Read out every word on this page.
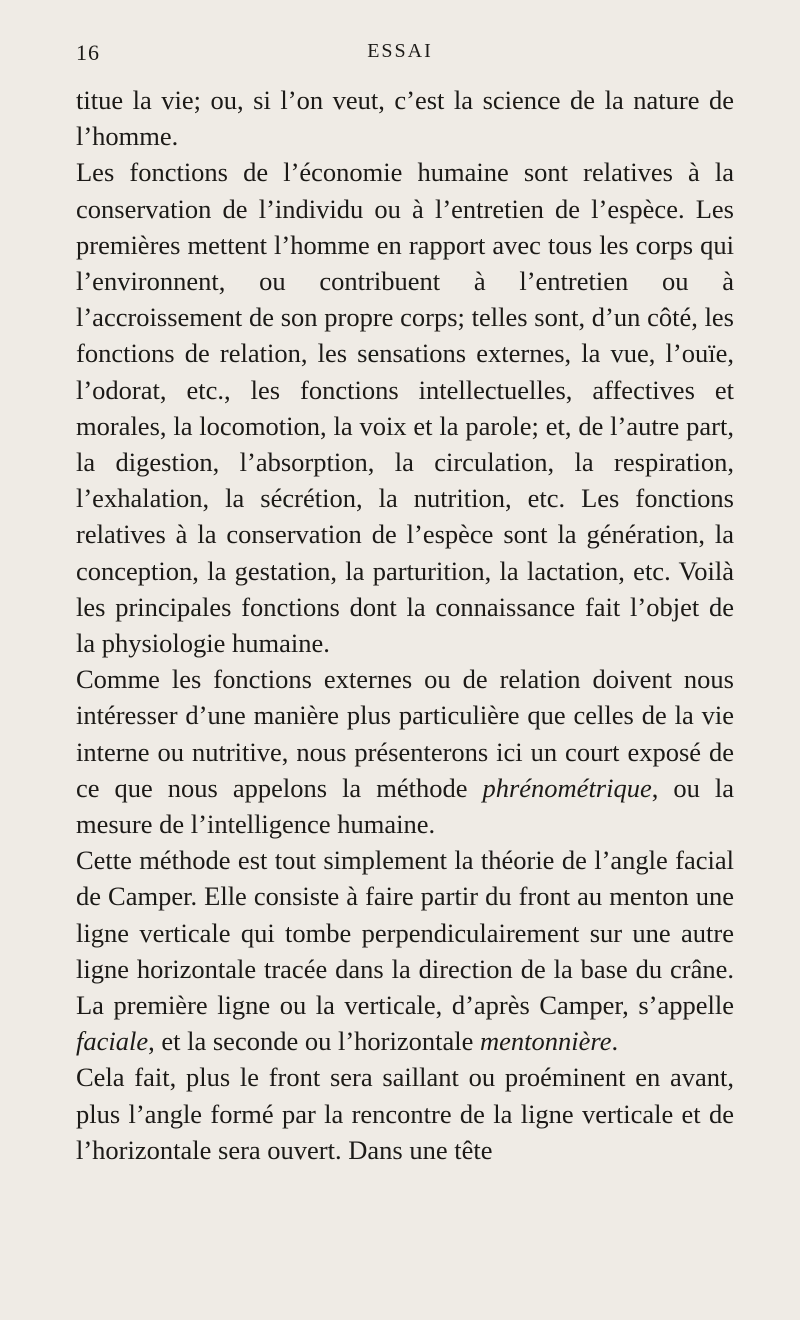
16	ESSAI

titue la vie; ou, si l’on veut, c’est la science de la nature de l’homme.

Les fonctions de l’économie humaine sont relatives à la conservation de l’individu ou à l’entretien de l’espèce. Les premières mettent l’homme en rapport avec tous les corps qui l’environnent, ou contribuent à l’entretien ou à l’accroissement de son propre corps; telles sont, d’un côté, les fonctions de relation, les sensations externes, la vue, l’ouïe, l’odorat, etc., les fonctions intellectuelles, affectives et morales, la locomotion, la voix et la parole; et, de l’autre part, la digestion, l’absorption, la circulation, la respiration, l’exhalation, la sécrétion, la nutrition, etc. Les fonctions relatives à la conservation de l’espèce sont la génération, la conception, la gestation, la parturition, la lactation, etc. Voilà les principales fonctions dont la connaissance fait l’objet de la physiologie humaine.

Comme les fonctions externes ou de relation doivent nous intéresser d’une manière plus particulière que celles de la vie interne ou nutritive, nous présenterons ici un court exposé de ce que nous appelons la méthode phrénométrique, ou la mesure de l’intelligence humaine.

Cette méthode est tout simplement la théorie de l’angle facial de Camper. Elle consiste à faire partir du front au menton une ligne verticale qui tombe perpendiculairement sur une autre ligne horizontale tracée dans la direction de la base du crâne. La première ligne ou la verticale, d’après Camper, s’appelle faciale, et la seconde ou l’horizontale mentonnière.

Cela fait, plus le front sera saillant ou proéminent en avant, plus l’angle formé par la rencontre de la ligne verticale et de l’horizontale sera ouvert. Dans une tête
